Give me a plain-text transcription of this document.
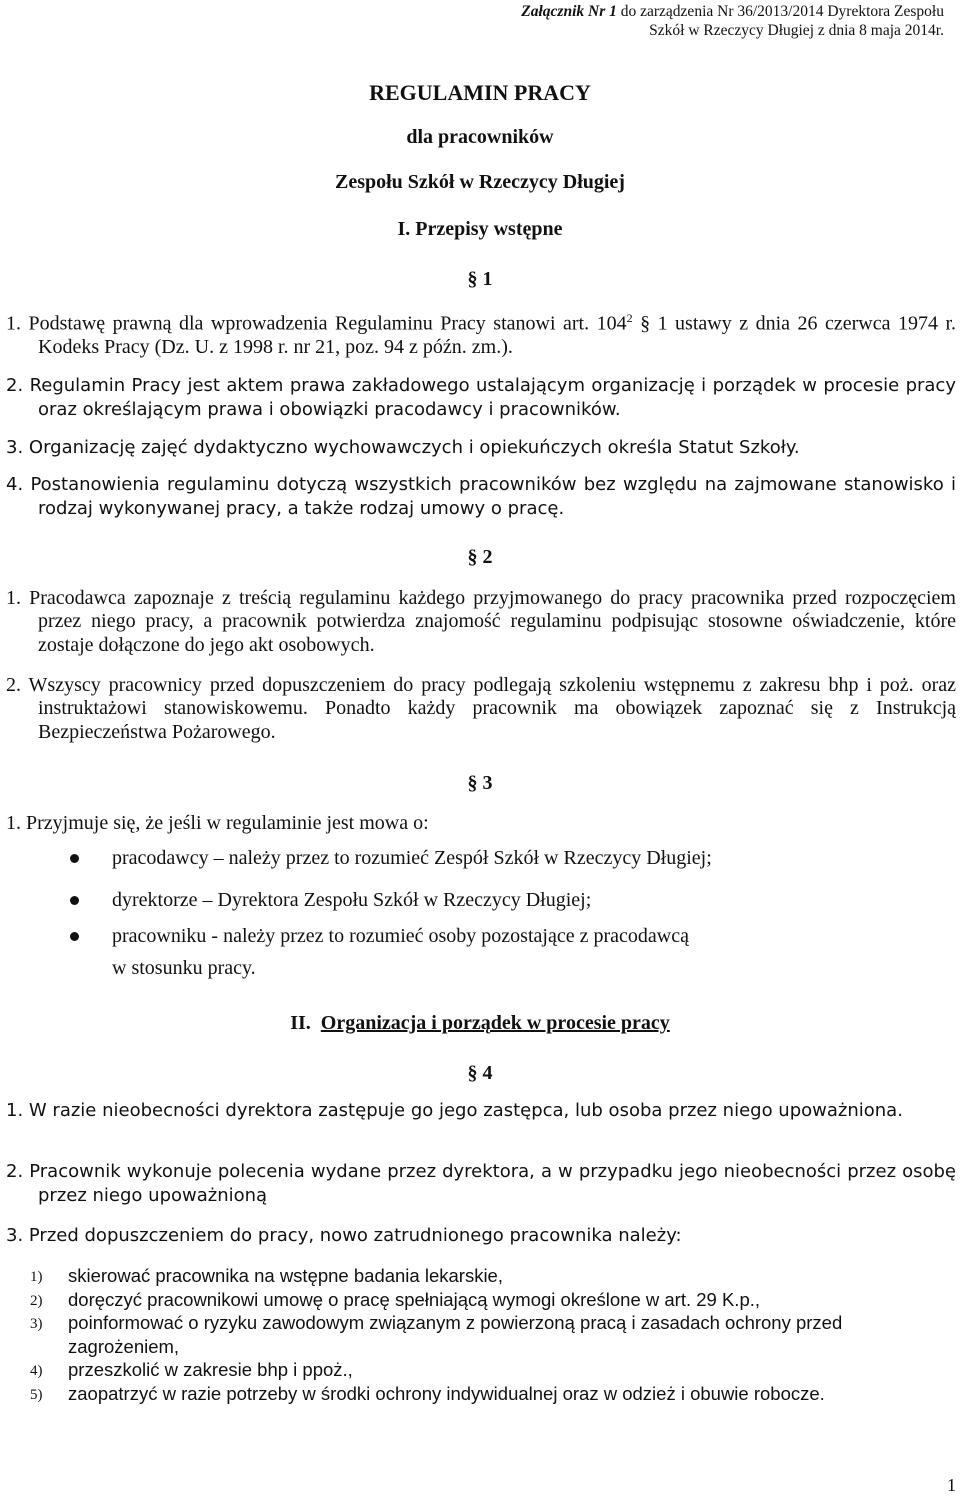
Załącznik Nr 1 do zarządzenia Nr 36/2013/2014 Dyrektora Zespołu
Szkół w Rzeczycy Długiej z dnia 8 maja 2014r.
REGULAMIN PRACY
dla pracowników
Zespołu Szkół w Rzeczycy Długiej
I. Przepisy wstępne
§ 1
1. Podstawę prawną dla wprowadzenia Regulaminu Pracy stanowi art. $104^2$ § 1 ustawy z dnia 26 czerwca 1974 r. Kodeks Pracy (Dz. U. z 1998 r. nr 21, poz. 94 z późn. zm.).
2. Regulamin Pracy jest aktem prawa zakładowego ustalającym organizację i porządek w procesie pracy oraz określającym prawa i obowiązki pracodawcy i pracowników.
3. Organizację zajęć dydaktyczno wychowawczych i opiekuńczych określa Statut Szkoły.
4. Postanowienia regulaminu dotyczą wszystkich pracowników bez względu na zajmowane stanowisko i rodzaj wykonywanej pracy, a także rodzaj umowy o pracę.
§ 2
1. Pracodawca zapoznaje z treścią regulaminu każdego przyjmowanego do pracy pracownika przed rozpoczęciem przez niego pracy, a pracownik potwierdza znajomość regulaminu podpisując stosowne oświadczenie, które zostaje dołączone do jego akt osobowych.
2. Wszyscy pracownicy przed dopuszczeniem do pracy podlegają szkoleniu wstępnemu z zakresu bhp i poż. oraz instruktażowi stanowiskowemu. Ponadto każdy pracownik ma obowiązek zapoznać się z Instrukcją Bezpieczeństwa Pożarowego.
§ 3
1. Przyjmuje się, że jeśli w regulaminie jest mowa o:
pracodawcy – należy przez to rozumieć Zespół Szkół w Rzeczycy Długiej;
dyrektorze – Dyrektora Zespołu Szkół w Rzeczycy Długiej;
pracowniku - należy przez to rozumieć osoby pozostające z pracodawcą
w stosunku pracy.
II. Organizacja i porządek w procesie pracy
§ 4
1. W razie nieobecności dyrektora zastępuje go jego zastępca, lub osoba przez niego upoważniona.
2. Pracownik wykonuje polecenia wydane przez dyrektora, a w przypadku jego nieobecności przez osobę przez niego upoważnioną
3. Przed dopuszczeniem do pracy, nowo zatrudnionego pracownika należy:
1) skierować pracownika na wstępne badania lekarskie,
2) doręczyć pracownikowi umowę o pracę spełniającą wymogi określone w art. 29 K.p.,
3) poinformować o ryzyku zawodowym związanym z powierzoną pracą i zasadach ochrony przed zagrożeniem,
4) przeszkolić w zakresie bhp i ppoż.,
5) zaopatrzyć w razie potrzeby w środki ochrony indywidualnej oraz w odzież i obuwie robocze.
1
